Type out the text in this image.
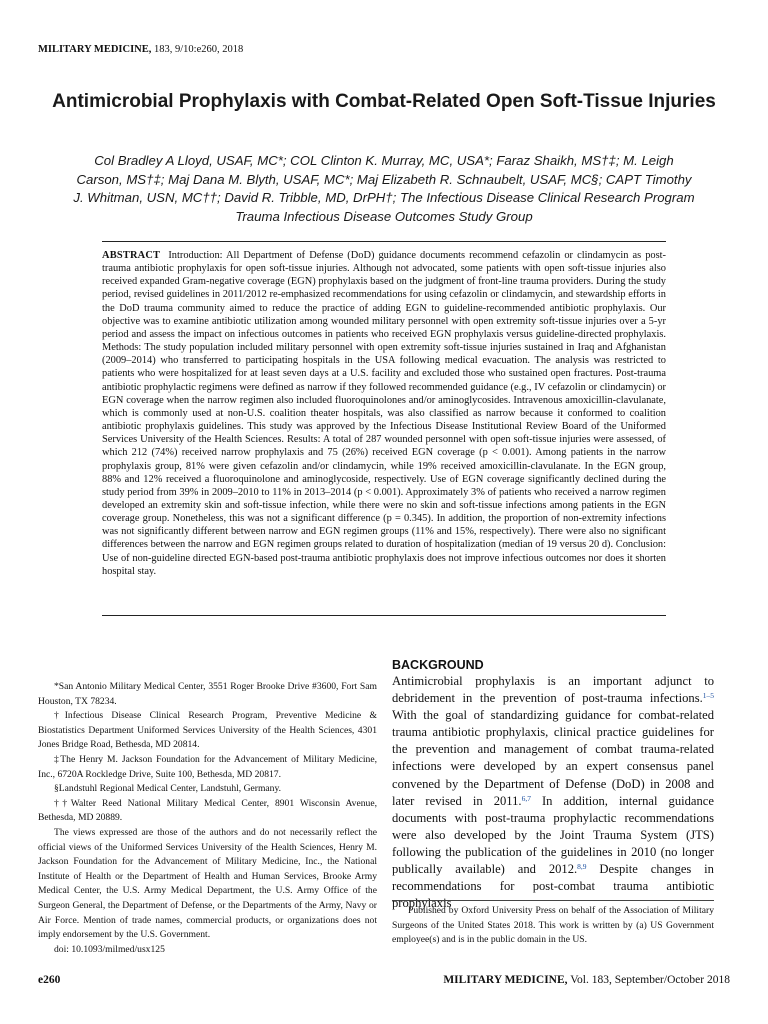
MILITARY MEDICINE, 183, 9/10:e260, 2018
Antimicrobial Prophylaxis with Combat-Related Open Soft-Tissue Injuries
Col Bradley A Lloyd, USAF, MC*; COL Clinton K. Murray, MC, USA*; Faraz Shaikh, MS†‡; M. Leigh Carson, MS†‡; Maj Dana M. Blyth, USAF, MC*; Maj Elizabeth R. Schnaubelt, USAF, MC§; CAPT Timothy J. Whitman, USN, MC††; David R. Tribble, MD, DrPH†; The Infectious Disease Clinical Research Program Trauma Infectious Disease Outcomes Study Group
ABSTRACT Introduction: All Department of Defense (DoD) guidance documents recommend cefazolin or clindamycin as post-trauma antibiotic prophylaxis for open soft-tissue injuries. Although not advocated, some patients with open soft-tissue injuries also received expanded Gram-negative coverage (EGN) prophylaxis based on the judgment of front-line trauma providers. During the study period, revised guidelines in 2011/2012 re-emphasized recommendations for using cefazolin or clindamycin, and stewardship efforts in the DoD trauma community aimed to reduce the practice of adding EGN to guideline-recommended antibiotic prophylaxis. Our objective was to examine antibiotic utilization among wounded military personnel with open extremity soft-tissue injuries over a 5-yr period and assess the impact on infectious outcomes in patients who received EGN prophylaxis versus guideline-directed prophylaxis. Methods: The study population included military personnel with open extremity soft-tissue injuries sustained in Iraq and Afghanistan (2009–2014) who transferred to participating hospitals in the USA following medical evacuation. The analysis was restricted to patients who were hospitalized for at least seven days at a U.S. facility and excluded those who sustained open fractures. Post-trauma antibiotic prophylactic regimens were defined as narrow if they followed recommended guidance (e.g., IV cefazolin or clindamycin) or EGN coverage when the narrow regimen also included fluoroquinolones and/or aminoglycosides. Intravenous amoxicillin-clavulanate, which is commonly used at non-U.S. coalition theater hospitals, was also classified as narrow because it conformed to coalition antibiotic prophylaxis guidelines. This study was approved by the Infectious Disease Institutional Review Board of the Uniformed Services University of the Health Sciences. Results: A total of 287 wounded personnel with open soft-tissue injuries were assessed, of which 212 (74%) received narrow prophylaxis and 75 (26%) received EGN coverage (p < 0.001). Among patients in the narrow prophylaxis group, 81% were given cefazolin and/or clindamycin, while 19% received amoxicillin-clavulanate. In the EGN group, 88% and 12% received a fluoroquinolone and aminoglycoside, respectively. Use of EGN coverage significantly declined during the study period from 39% in 2009–2010 to 11% in 2013–2014 (p < 0.001). Approximately 3% of patients who received a narrow regimen developed an extremity skin and soft-tissue infection, while there were no skin and soft-tissue infections among patients in the EGN coverage group. Nonetheless, this was not a significant difference (p = 0.345). In addition, the proportion of non-extremity infections was not significantly different between narrow and EGN regimen groups (11% and 15%, respectively). There were also no significant differences between the narrow and EGN regimen groups related to duration of hospitalization (median of 19 versus 20 d). Conclusion: Use of non-guideline directed EGN-based post-trauma antibiotic prophylaxis does not improve infectious outcomes nor does it shorten hospital stay.

*San Antonio Military Medical Center, 3551 Roger Brooke Drive #3600, Fort Sam Houston, TX 78234.

†Infectious Disease Clinical Research Program, Preventive Medicine & Biostatistics Department Uniformed Services University of the Health Sciences, 4301 Jones Bridge Road, Bethesda, MD 20814.

‡The Henry M. Jackson Foundation for the Advancement of Military Medicine, Inc., 6720A Rockledge Drive, Suite 100, Bethesda, MD 20817.

§Landstuhl Regional Medical Center, Landstuhl, Germany.

††Walter Reed National Military Medical Center, 8901 Wisconsin Avenue, Bethesda, MD 20889.

The views expressed are those of the authors and do not necessarily reflect the official views of the Uniformed Services University of the Health Sciences, Henry M. Jackson Foundation for the Advancement of Military Medicine, Inc., the National Institute of Health or the Department of Health and Human Services, Brooke Army Medical Center, the U.S. Army Medical Department, the U.S. Army Office of the Surgeon General, the Department of Defense, or the Departments of the Army, Navy or Air Force. Mention of trade names, commercial products, or organizations does not imply endorsement by the U.S. Government.

doi: 10.1093/milmed/usx125

BACKGROUND
Antimicrobial prophylaxis is an important adjunct to debridement in the prevention of post-trauma infections.$^{1-5}$ With the goal of standardizing guidance for combat-related trauma antibiotic prophylaxis, clinical practice guidelines for the prevention and management of combat trauma-related infections were developed by an expert consensus panel convened by the Department of Defense (DoD) in 2008 and later revised in 2011.$^{6,7}$ In addition, internal guidance documents with post-trauma prophylactic recommendations were also developed by the Joint Trauma System (JTS) following the publication of the guidelines in 2010 (no longer publically available) and 2012.$^{8,9}$ Despite changes in recommendations for post-combat trauma antibiotic prophylaxis
Published by Oxford University Press on behalf of the Association of Military Surgeons of the United States 2018. This work is written by (a) US Government employee(s) and is in the public domain in the US.
e260	MILITARY MEDICINE, Vol. 183, September/October 2018
